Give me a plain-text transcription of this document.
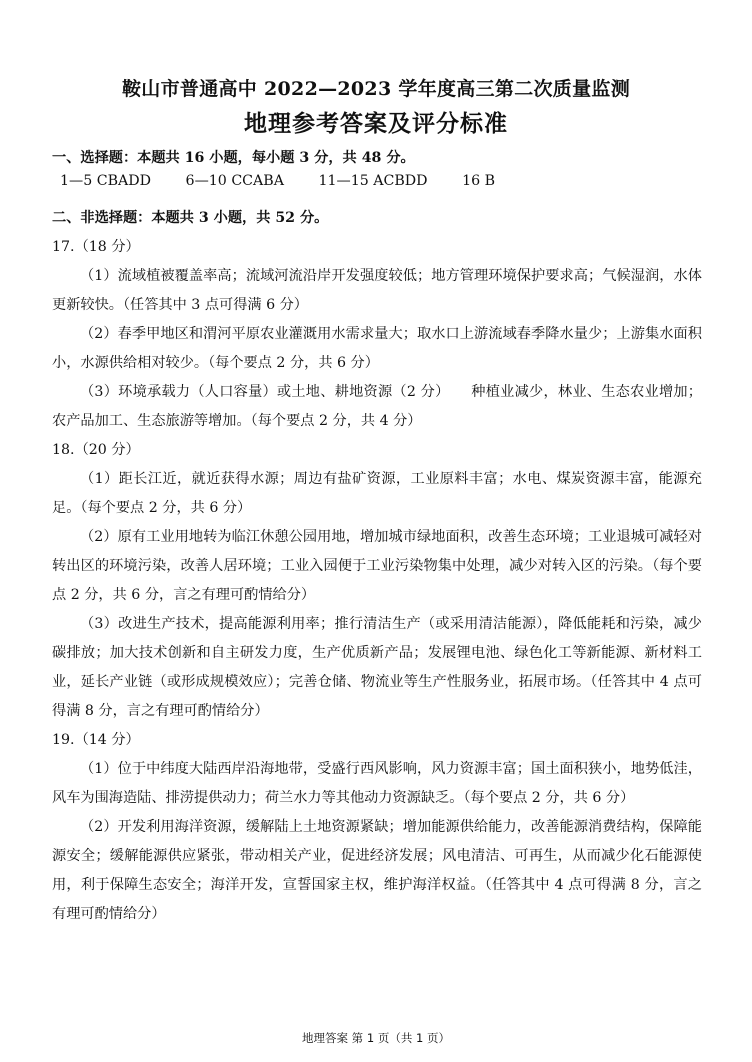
鞍山市普通高中 2022—2023 学年度高三第二次质量监测
地理参考答案及评分标准
一、选择题：本题共 16 小题，每小题 3 分，共 48 分。
1—5 CBADD 6—10 CCABA 11—15 ACBDD 16 B
二、非选择题：本题共 3 小题，共 52 分。
17.（18 分）

（1）流域植被覆盖率高；流域河流沿岸开发强度较低；地方管理环境保护要求高；气候湿润，水体更新较快。（任答其中 3 点可得满 6 分）

（2）春季甲地区和渭河平原农业灌溉用水需求量大；取水口上游流域春季降水量少；上游集水面积小，水源供给相对较少。（每个要点 2 分，共 6 分）

（3）环境承载力（人口容量）或土地、耕地资源（2 分）　　种植业减少，林业、生态农业增加；农产品加工、生态旅游等增加。（每个要点 2 分，共 4 分）

18.（20 分）

（1）距长江近，就近获得水源；周边有盐矿资源，工业原料丰富；水电、煤炭资源丰富，能源充足。（每个要点 2 分，共 6 分）

（2）原有工业用地转为临江休憩公园用地，增加城市绿地面积，改善生态环境；工业退城可减轻对转出区的环境污染，改善人居环境；工业入园便于工业污染物集中处理，减少对转入区的污染。（每个要点 2 分，共 6 分，言之有理可酌情给分）

（3）改进生产技术，提高能源利用率；推行清洁生产（或采用清洁能源），降低能耗和污染，减少碳排放；加大技术创新和自主研发力度，生产优质新产品；发展锂电池、绿色化工等新能源、新材料工业，延长产业链（或形成规模效应）；完善仓储、物流业等生产性服务业，拓展市场。（任答其中 4 点可得满 8 分，言之有理可酌情给分）

19.（14 分）

（1）位于中纬度大陆西岸沿海地带，受盛行西风影响，风力资源丰富；国土面积狭小，地势低洼，风车为围海造陆、排涝提供动力；荷兰水力等其他动力资源缺乏。（每个要点 2 分，共 6 分）

（2）开发利用海洋资源，缓解陆上土地资源紧缺；增加能源供给能力，改善能源消费结构，保障能源安全；缓解能源供应紧张，带动相关产业，促进经济发展；风电清洁、可再生，从而减少化石能源使用，利于保障生态安全；海洋开发，宣誓国家主权，维护海洋权益。（任答其中 4 点可得满 8 分，言之有理可酌情给分）

地理答案 第 1 页（共 1 页）
